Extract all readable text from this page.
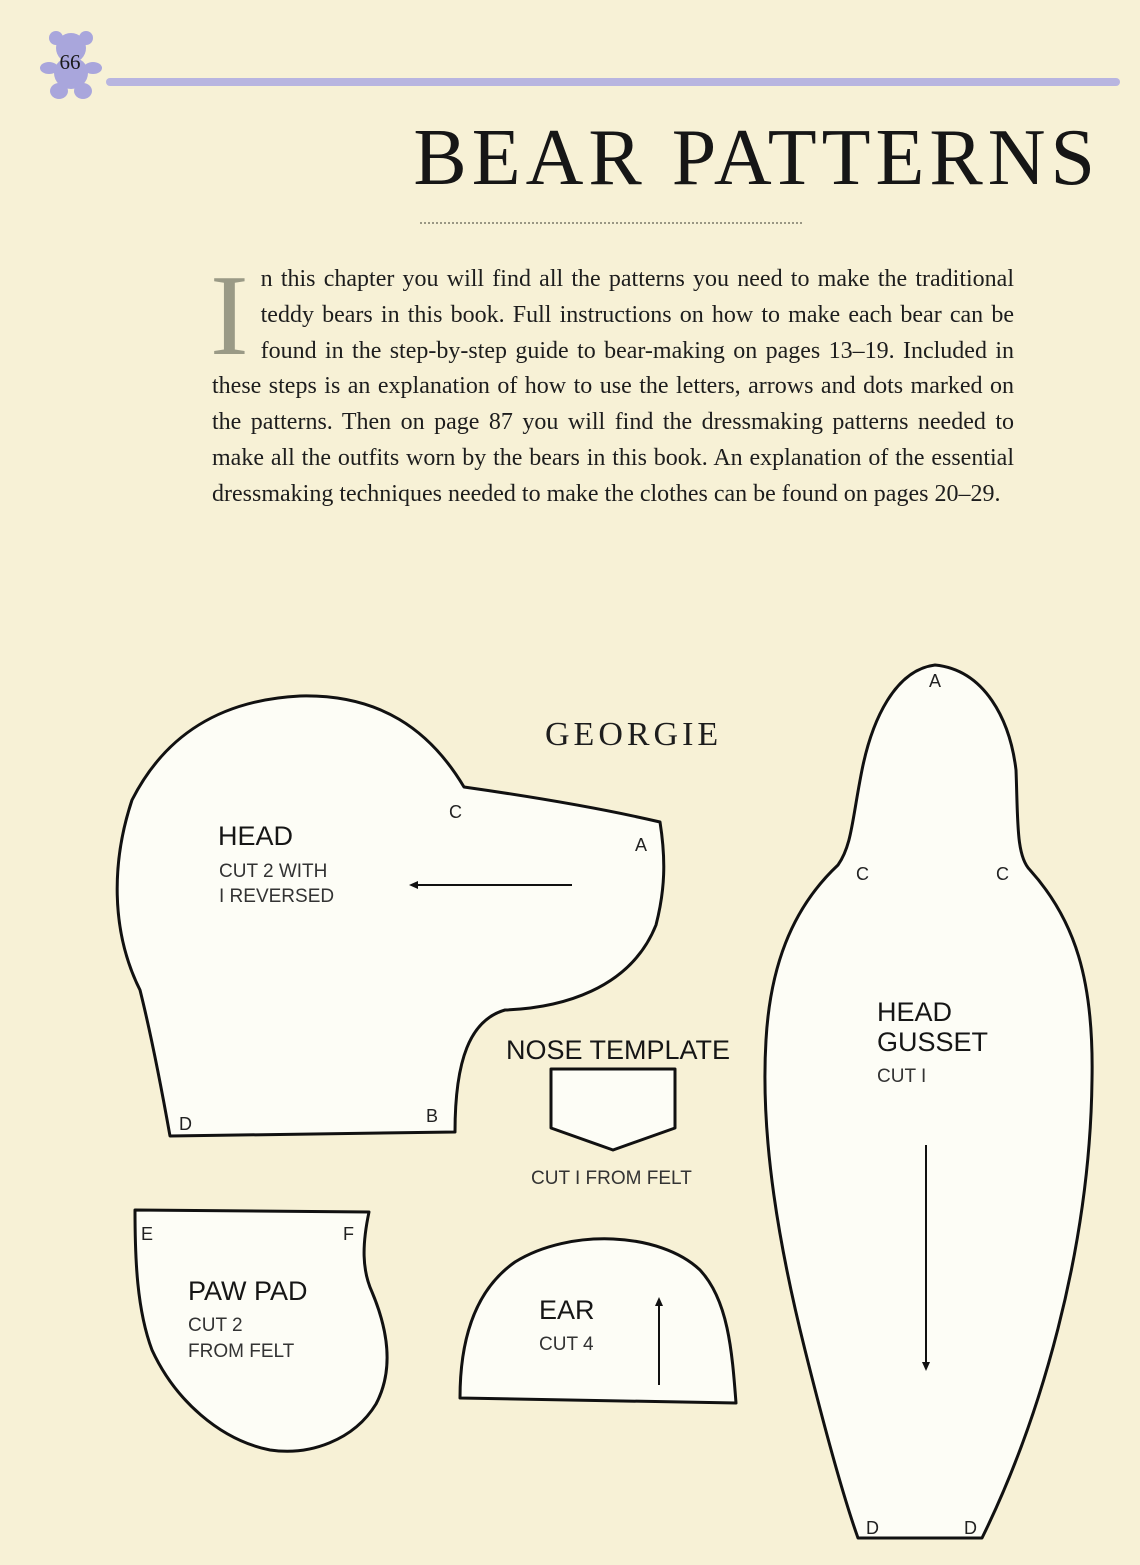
66
BEAR PATTERNS

In this chapter you will find all the patterns you need to make the traditional teddy bears in this book. Full instructions on how to make each bear can be found in the step-by-step guide to bear-making on pages 13–19. Included in these steps is an explanation of how to use the letters, arrows and dots marked on the patterns. Then on page 87 you will find the dressmaking patterns needed to make all the outfits worn by the bears in this book. An explanation of the essential dressmaking techniques needed to make the clothes can be found on pages 20–29.

GEORGIE
HEAD
CUT 2 WITH
I REVERSED
A
B
C
D
HEAD
GUSSET
CUT I
A
C	C
D	D
NOSE TEMPLATE
CUT I FROM FELT
PAW PAD
CUT 2
FROM FELT
E	F
EAR
CUT 4
